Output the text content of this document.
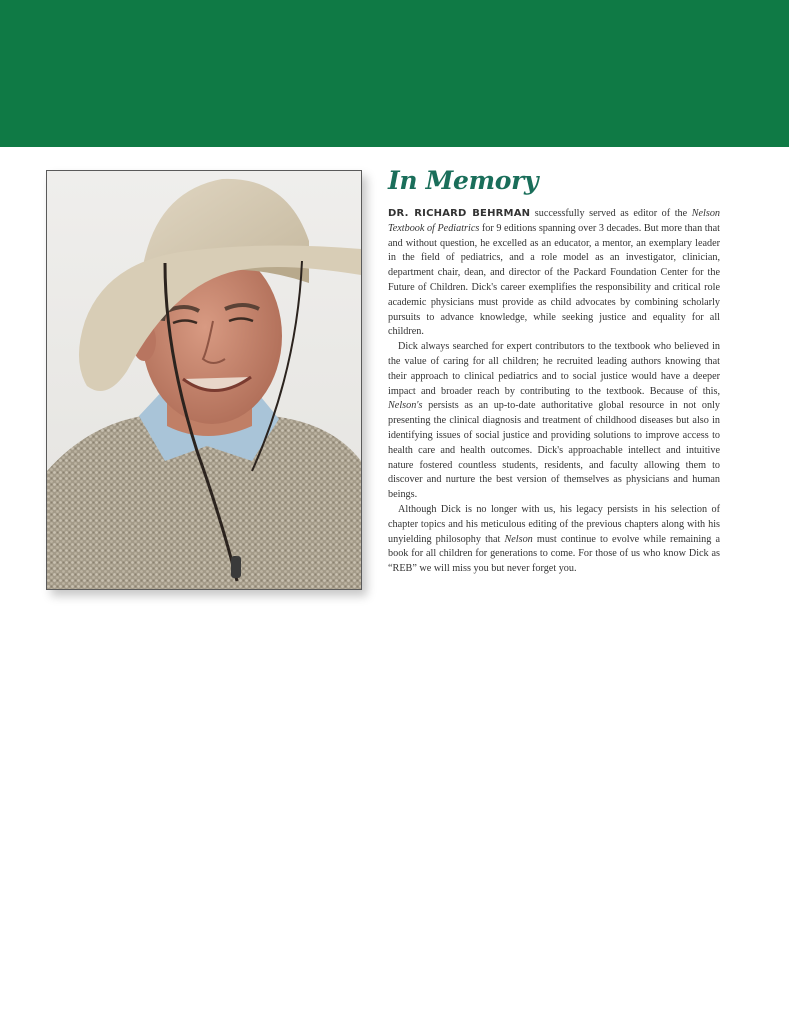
In Memory

DR. RICHARD BEHRMAN successfully served as editor of the Nelson Textbook of Pediatrics for 9 editions spanning over 3 decades. But more than that and without question, he excelled as an educator, a mentor, an exemplary leader in the field of pediatrics, and a role model as an investigator, clinician, department chair, dean, and director of the Packard Foundation Center for the Future of Children. Dick's career exemplifies the responsibility and critical role academic physicians must provide as child advocates by combining scholarly pursuits to advance knowledge, while seeking justice and equality for all children.

Dick always searched for expert contributors to the textbook who believed in the value of caring for all children; he recruited leading authors knowing that their approach to clinical pediatrics and to social justice would have a deeper impact and broader reach by contributing to the textbook. Because of this, Nelson's persists as an up-to-date authoritative global resource in not only presenting the clinical diagnosis and treatment of childhood diseases but also in identifying issues of social justice and providing solutions to improve access to health care and health outcomes. Dick's approachable intellect and intuitive nature fostered countless students, residents, and faculty allowing them to discover and nurture the best version of themselves as physicians and human beings.

Although Dick is no longer with us, his legacy persists in his selection of chapter topics and his meticulous editing of the previous chapters along with his unyielding philosophy that Nelson must continue to evolve while remaining a book for all children for generations to come. For those of us who know Dick as “REB” we will miss you but never forget you.
